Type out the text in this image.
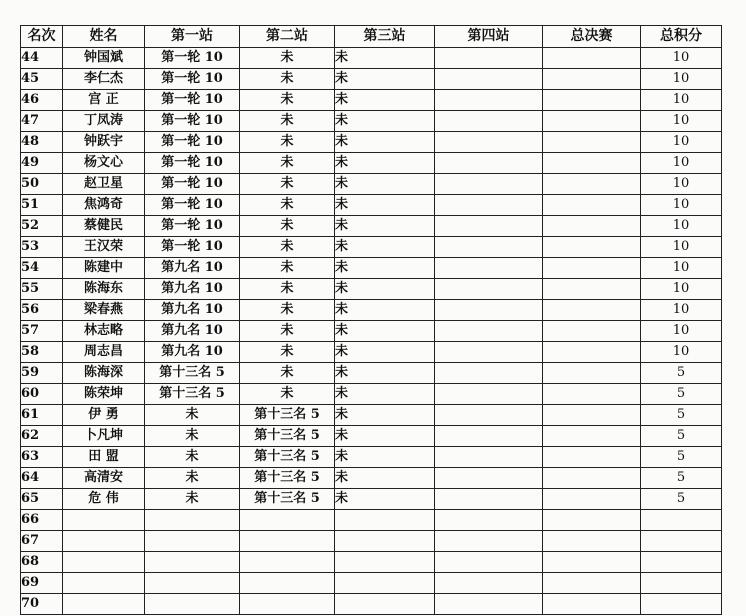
名次	姓名	第一站	第二站	第三站	第四站	总决赛	总积分
44	钟国斌	第一轮 10	未	未			10
45	李仁杰	第一轮 10	未	未			10
46	宫 正	第一轮 10	未	未			10
47	丁凤涛	第一轮 10	未	未			10
48	钟跃宇	第一轮 10	未	未			10
49	杨文心	第一轮 10	未	未			10
50	赵卫星	第一轮 10	未	未			10
51	焦鸿奇	第一轮 10	未	未			10
52	蔡健民	第一轮 10	未	未			10
53	王汉荣	第一轮 10	未	未			10
54	陈建中	第九名 10	未	未			10
55	陈海东	第九名 10	未	未			10
56	梁春燕	第九名 10	未	未			10
57	林志略	第九名 10	未	未			10
58	周志昌	第九名 10	未	未			10
59	陈海深	第十三名 5	未	未			5
60	陈荣坤	第十三名 5	未	未			5
61	伊 勇	未	第十三名 5	未			5
62	卜凡坤	未	第十三名 5	未			5
63	田 盟	未	第十三名 5	未			5
64	高清安	未	第十三名 5	未			5
65	危 伟	未	第十三名 5	未			5
66							
67							
68							
69							
70							
